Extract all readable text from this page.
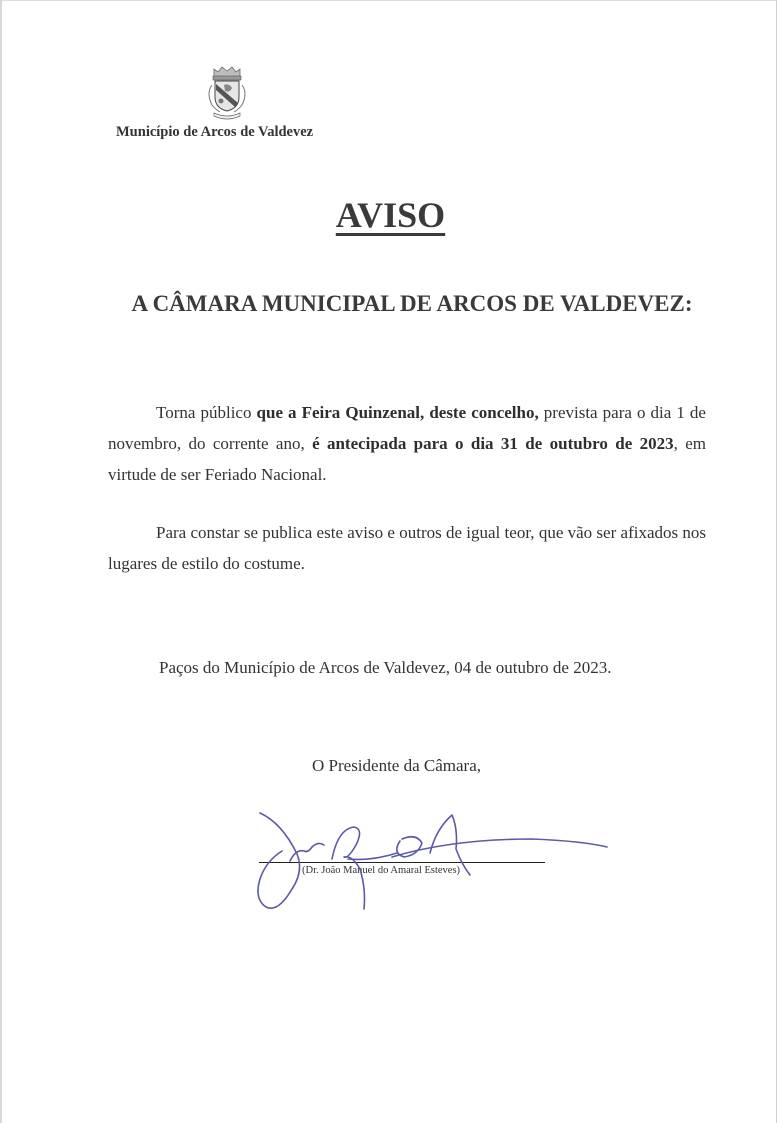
Município de Arcos de Valdevez
AVISO
A CÂMARA MUNICIPAL DE ARCOS DE VALDEVEZ:
Torna público que a Feira Quinzenal, deste concelho, prevista para o dia 1 de novembro, do corrente ano, é antecipada para o dia 31 de outubro de 2023, em virtude de ser Feriado Nacional.
Para constar se publica este aviso e outros de igual teor, que vão ser afixados nos lugares de estilo do costume.
Paços do Município de Arcos de Valdevez, 04 de outubro de 2023.
O Presidente da Câmara,
(Dr. João Manuel do Amaral Esteves)
